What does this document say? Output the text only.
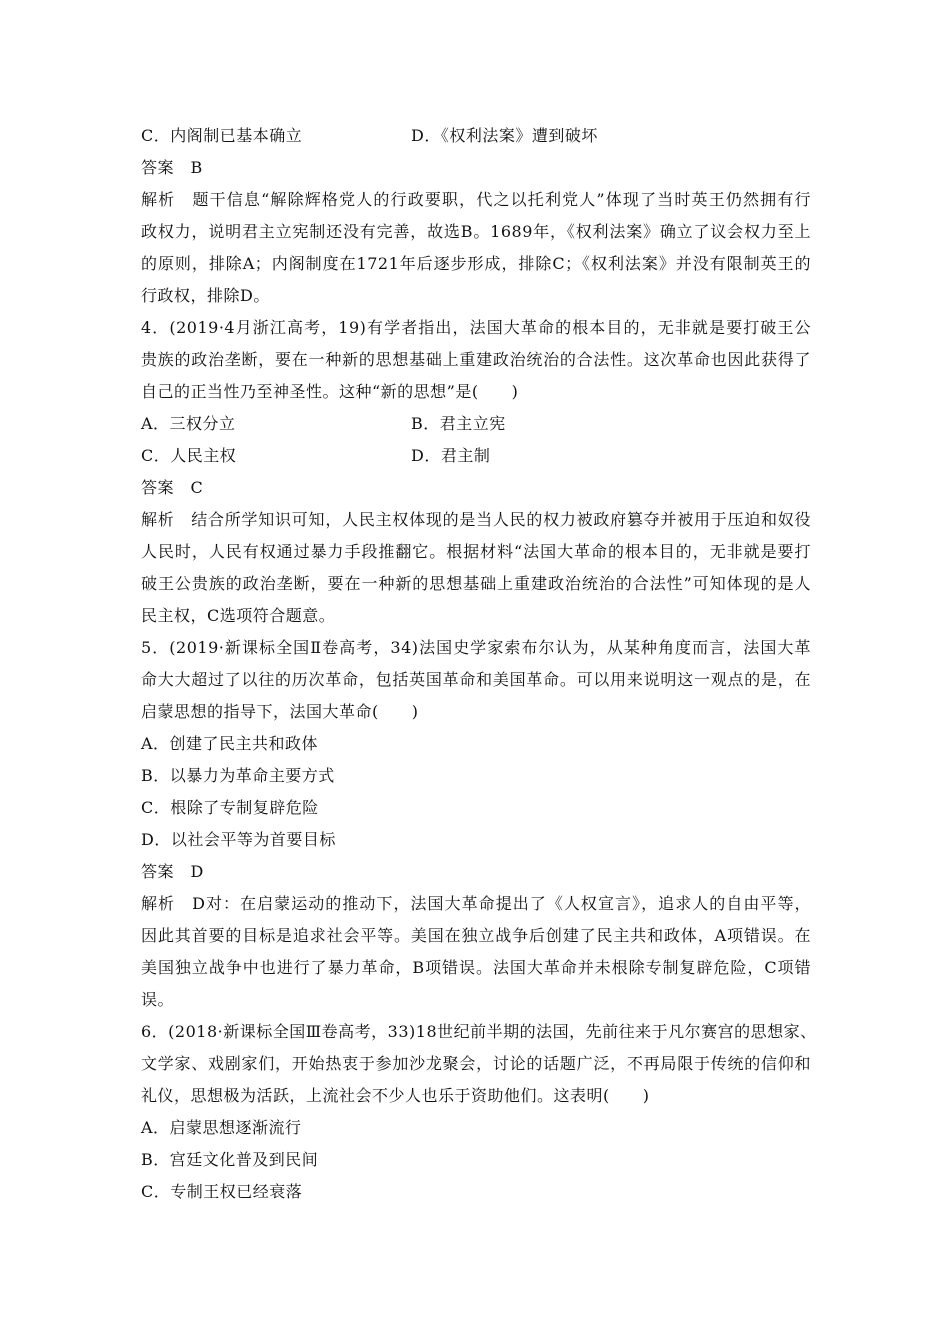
C．内阁制已基本确立	D．《权利法案》遭到破坏
答案　B
解析　题干信息“解除辉格党人的行政要职，代之以托利党人”体现了当时英王仍然拥有行
政权力，说明君主立宪制还没有完善，故选B。1689年，《权利法案》确立了议会权力至上
的原则，排除A；内阁制度在1721年后逐步形成，排除C；《权利法案》并没有限制英王的
行政权，排除D。
4．(2019·4月浙江高考，19)有学者指出，法国大革命的根本目的，无非就是要打破王公
贵族的政治垄断，要在一种新的思想基础上重建政治统治的合法性。这次革命也因此获得了
自己的正当性乃至神圣性。这种“新的思想”是(　　)
A．三权分立	B．君主立宪
C．人民主权	D．君主制
答案　C
解析　结合所学知识可知，人民主权体现的是当人民的权力被政府篡夺并被用于压迫和奴役
人民时，人民有权通过暴力手段推翻它。根据材料“法国大革命的根本目的，无非就是要打
破王公贵族的政治垄断，要在一种新的思想基础上重建政治统治的合法性”可知体现的是人
民主权，C选项符合题意。
5．(2019·新课标全国Ⅱ卷高考，34)法国史学家索布尔认为，从某种角度而言，法国大革
命大大超过了以往的历次革命，包括英国革命和美国革命。可以用来说明这一观点的是，在
启蒙思想的指导下，法国大革命(　　)
A．创建了民主共和政体
B．以暴力为革命主要方式
C．根除了专制复辟危险
D．以社会平等为首要目标
答案　D
解析　D对：在启蒙运动的推动下，法国大革命提出了《人权宣言》，追求人的自由平等，
因此其首要的目标是追求社会平等。美国在独立战争后创建了民主共和政体，A项错误。在
美国独立战争中也进行了暴力革命，B项错误。法国大革命并未根除专制复辟危险，C项错
误。
6．(2018·新课标全国Ⅲ卷高考，33)18世纪前半期的法国，先前往来于凡尔赛宫的思想家、
文学家、戏剧家们，开始热衷于参加沙龙聚会，讨论的话题广泛，不再局限于传统的信仰和
礼仪，思想极为活跃，上流社会不少人也乐于资助他们。这表明(　　)
A．启蒙思想逐渐流行
B．宫廷文化普及到民间
C．专制王权已经衰落
